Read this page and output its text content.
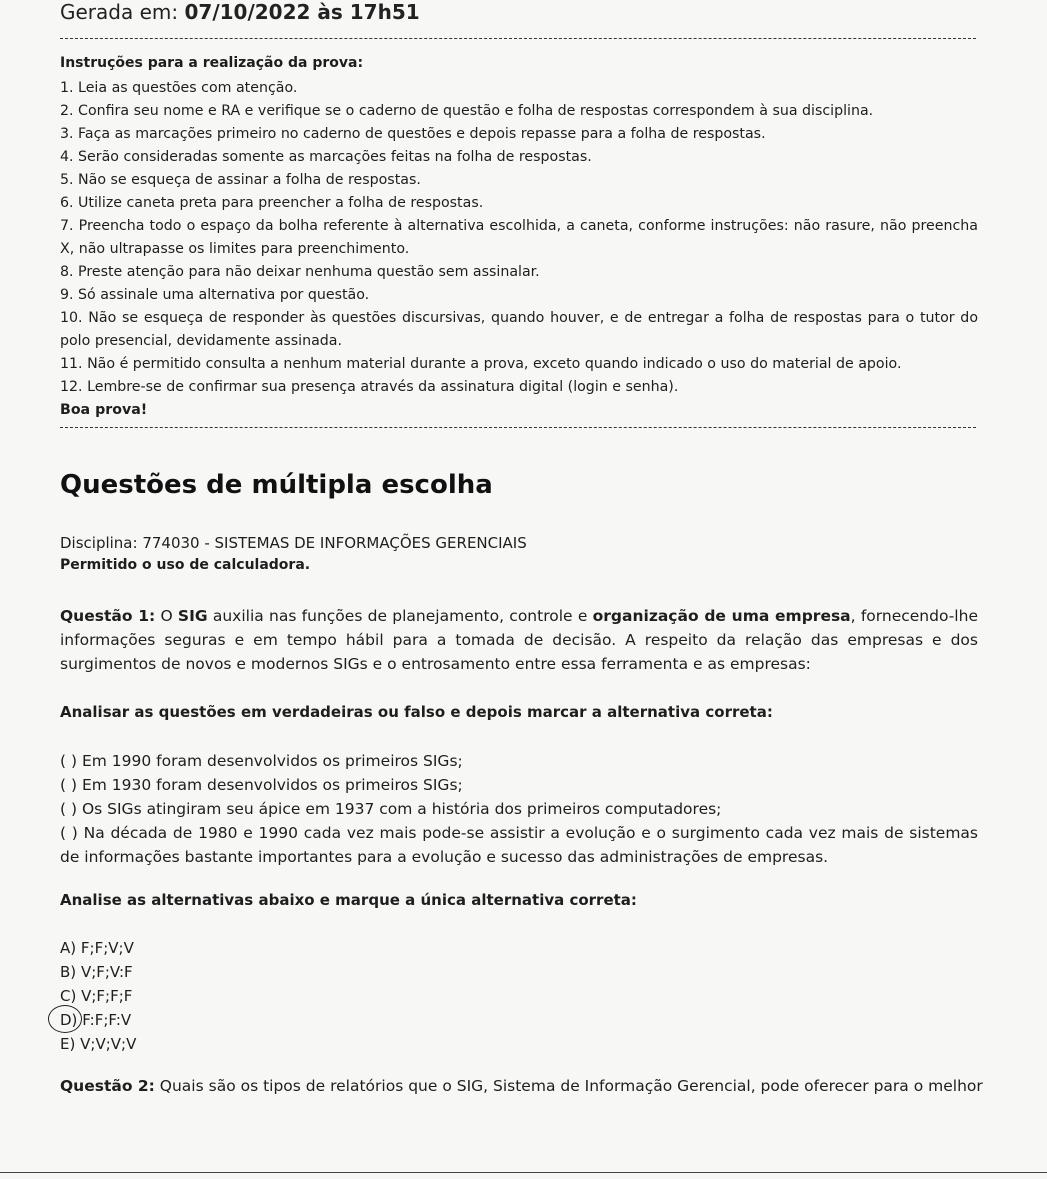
Gerada em: 07/10/2022 às 17h51
Instruções para a realização da prova:
1. Leia as questões com atenção.
2. Confira seu nome e RA e verifique se o caderno de questão e folha de respostas correspondem à sua disciplina.
3. Faça as marcações primeiro no caderno de questões e depois repasse para a folha de respostas.
4. Serão consideradas somente as marcações feitas na folha de respostas.
5. Não se esqueça de assinar a folha de respostas.
6. Utilize caneta preta para preencher a folha de respostas.
7. Preencha todo o espaço da bolha referente à alternativa escolhida, a caneta, conforme instruções: não rasure, não preencha X, não ultrapasse os limites para preenchimento.
8. Preste atenção para não deixar nenhuma questão sem assinalar.
9. Só assinale uma alternativa por questão.
10. Não se esqueça de responder às questões discursivas, quando houver, e de entregar a folha de respostas para o tutor do polo presencial, devidamente assinada.
11. Não é permitido consulta a nenhum material durante a prova, exceto quando indicado o uso do material de apoio.
12. Lembre-se de confirmar sua presença através da assinatura digital (login e senha).
Boa prova!
Questões de múltipla escolha
Disciplina: 774030 - SISTEMAS DE INFORMAÇÕES GERENCIAIS
Permitido o uso de calculadora.
Questão 1: O SIG auxilia nas funções de planejamento, controle e organização de uma empresa, fornecendo-lhe informações seguras e em tempo hábil para a tomada de decisão. A respeito da relação das empresas e dos surgimentos de novos e modernos SIGs e o entrosamento entre essa ferramenta e as empresas:
Analisar as questões em verdadeiras ou falso e depois marcar a alternativa correta:
( ) Em 1990 foram desenvolvidos os primeiros SIGs;
( ) Em 1930 foram desenvolvidos os primeiros SIGs;
( ) Os SIGs atingiram seu ápice em 1937 com a história dos primeiros computadores;
( ) Na década de 1980 e 1990 cada vez mais pode-se assistir a evolução e o surgimento cada vez mais de sistemas de informações bastante importantes para a evolução e sucesso das administrações de empresas.
Analise as alternativas abaixo e marque a única alternativa correta:
A) F;F;V;V
B) V;F;V:F
C) V;F;F;F
D) F:F;F:V
E) V;V;V;V
Questão 2: Quais são os tipos de relatórios que o SIG, Sistema de Informação Gerencial, pode oferecer para o melhor
